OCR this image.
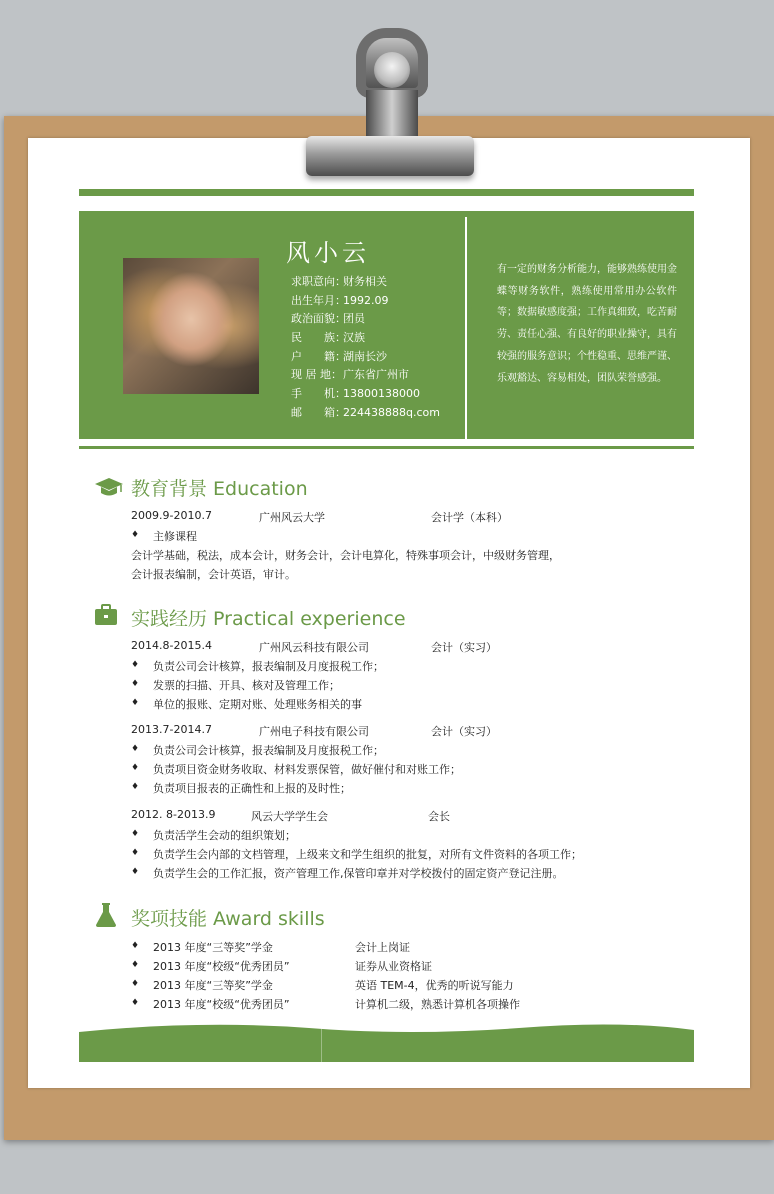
风小云
求职意向：财务相关
出生年月：1992.09
政治面貌：团员
民　　族：汉族
户　　籍：湖南长沙
现 居 地：广东省广州市
手　　机：13800138000
邮　　箱：224438888q.com
有一定的财务分析能力，能够熟练使用金蝶等财务软件，熟练使用常用办公软件等；数据敏感度强；工作真细致，吃苦耐劳、责任心强、有良好的职业操守，具有较强的服务意识；个性稳重、思维严谨、乐观豁达、容易相处，团队荣誉感强。
教育背景 Education
2009.9-2010.7	广州风云大学	会计学（本科）
♦ 主修课程
会计学基础，税法，成本会计，财务会计，会计电算化，特殊事项会计，中级财务管理，
会计报表编制，会计英语，审计。
实践经历 Practical experience
2014.8-2015.4	广州风云科技有限公司	会计（实习）
♦ 负责公司会计核算，报表编制及月度报税工作；
♦ 发票的扫描、开具、核对及管理工作；
♦ 单位的报账、定期对账、处理账务相关的事
2013.7-2014.7	广州电子科技有限公司	会计（实习）
♦ 负责公司会计核算，报表编制及月度报税工作；
♦ 负责项目资金财务收取、材料发票保管，做好催付和对账工作；
♦ 负责项目报表的正确性和上报的及时性；
2012. 8-2013.9	风云大学学生会	会长
♦ 负责活学生会动的组织策划；
♦ 负责学生会内部的文档管理，上级来文和学生组织的批复，对所有文件资料的各项工作；
♦ 负责学生会的工作汇报，资产管理工作,保管印章并对学校拨付的固定资产登记注册。
奖项技能 Award skills
♦ 2013 年度“三等奖”学金	会计上岗证
♦ 2013 年度“校级“优秀团员”	证券从业资格证
♦ 2013 年度“三等奖”学金	英语 TEM-4，优秀的听说写能力
♦ 2013 年度“校级“优秀团员”	计算机二级，熟悉计算机各项操作
